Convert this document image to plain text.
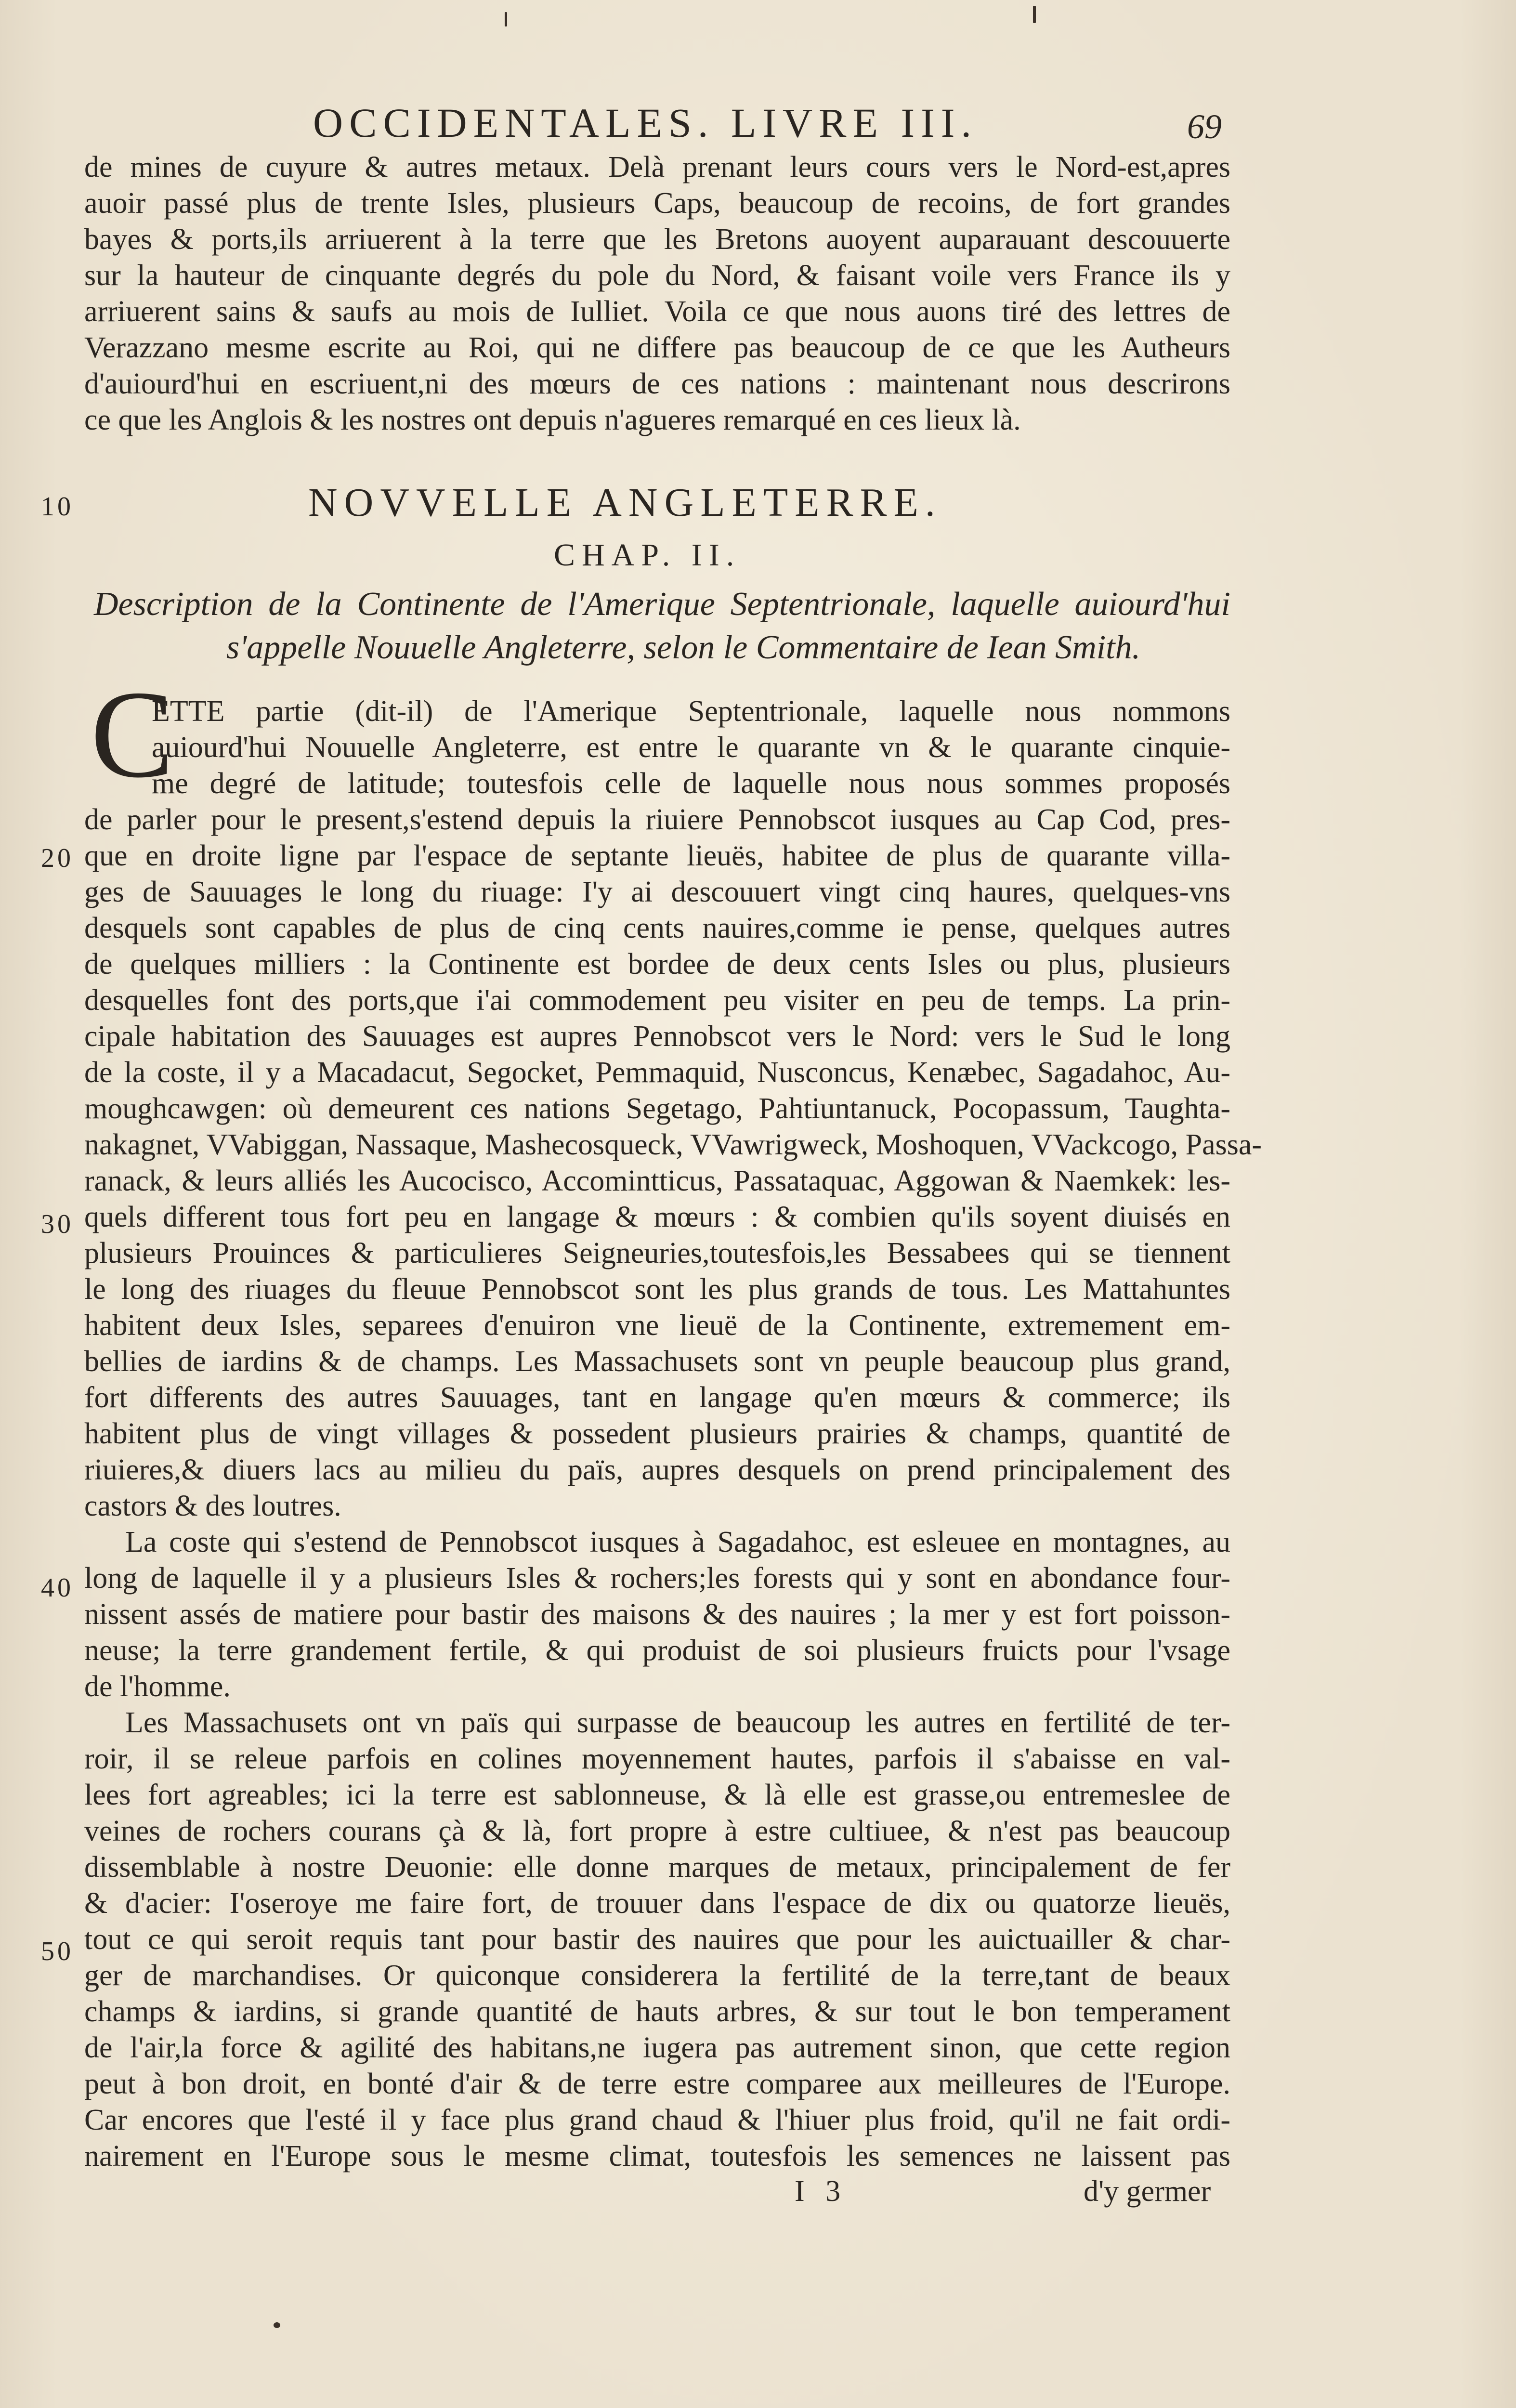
OCCIDENTALES. LIVRE III.	69
de mines de cuyure & autres metaux. Delà prenant leurs cours vers le Nord-est,apres
auoir passé plus de trente Isles, plusieurs Caps, beaucoup de recoins, de fort grandes
bayes & ports,ils arriuerent à la terre que les Bretons auoyent auparauant descouuerte
sur la hauteur de cinquante degrés du pole du Nord, & faisant voile vers France ils y
arriuerent sains & saufs au mois de Iulliet. Voila ce que nous auons tiré des lettres de
Verazzano mesme escrite au Roi, qui ne differe pas beaucoup de ce que les Autheurs
d'auiourd'hui en escriuent,ni des mœurs de ces nations : maintenant nous descrirons
ce que les Anglois & les nostres ont depuis n'agueres remarqué en ces lieux là.
NOVVELLE ANGLETERRE.
CHAP. II.
Description de la Continente de l'Amerique Septentrionale, laquelle auiourd'hui
s'appelle Nouuelle Angleterre, selon le Commentaire de Iean Smith.
C
ETTE partie (dit-il) de l'Amerique Septentrionale, laquelle nous nommons
auiourd'hui Nouuelle Angleterre, est entre le quarante vn & le quarante cinquie-
me degré de latitude; toutesfois celle de laquelle nous nous sommes proposés
de parler pour le present,s'estend depuis la riuiere Pennobscot iusques au Cap Cod, pres-
que en droite ligne par l'espace de septante lieuës, habitee de plus de quarante villa-
ges de Sauuages le long du riuage: I'y ai descouuert vingt cinq haures, quelques-vns
desquels sont capables de plus de cinq cents nauires,comme ie pense, quelques autres
de quelques milliers : la Continente est bordee de deux cents Isles ou plus, plusieurs
desquelles font des ports,que i'ai commodement peu visiter en peu de temps. La prin-
cipale habitation des Sauuages est aupres Pennobscot vers le Nord: vers le Sud le long
de la coste, il y a Macadacut, Segocket, Pemmaquid, Nusconcus, Kenæbec, Sagadahoc, Au-
moughcawgen: où demeurent ces nations Segetago, Pahtiuntanuck, Pocopassum, Taughta-
nakagnet, VVabiggan, Nassaque, Mashecosqueck, VVawrigweck, Moshoquen, VVackcogo, Passa-
ranack, & leurs alliés les Aucocisco, Accomintticus, Passataquac, Aggowan & Naemkek: les-
quels different tous fort peu en langage & mœurs : & combien qu'ils soyent diuisés en
plusieurs Prouinces & particulieres Seigneuries,toutesfois,les Bessabees qui se tiennent
le long des riuages du fleuue Pennobscot sont les plus grands de tous. Les Mattahuntes
habitent deux Isles, separees d'enuiron vne lieuë de la Continente, extremement em-
bellies de iardins & de champs. Les Massachusets sont vn peuple beaucoup plus grand,
fort differents des autres Sauuages, tant en langage qu'en mœurs & commerce; ils
habitent plus de vingt villages & possedent plusieurs prairies & champs, quantité de
riuieres,& diuers lacs au milieu du païs, aupres desquels on prend principalement des
castors & des loutres.
La coste qui s'estend de Pennobscot iusques à Sagadahoc, est esleuee en montagnes, au
long de laquelle il y a plusieurs Isles & rochers;les forests qui y sont en abondance four-
nissent assés de matiere pour bastir des maisons & des nauires ; la mer y est fort poisson-
neuse; la terre grandement fertile, & qui produist de soi plusieurs fruicts pour l'vsage
de l'homme.
Les Massachusets ont vn païs qui surpasse de beaucoup les autres en fertilité de ter-
roir, il se releue parfois en colines moyennement hautes, parfois il s'abaisse en val-
lees fort agreables; ici la terre est sablonneuse, & là elle est grasse,ou entremeslee de
veines de rochers courans çà & là, fort propre à estre cultiuee, & n'est pas beaucoup
dissemblable à nostre Deuonie: elle donne marques de metaux, principalement de fer
& d'acier: I'oseroye me faire fort, de trouuer dans l'espace de dix ou quatorze lieuës,
tout ce qui seroit requis tant pour bastir des nauires que pour les auictuailler & char-
ger de marchandises. Or quiconque considerera la fertilité de la terre,tant de beaux
champs & iardins, si grande quantité de hauts arbres, & sur tout le bon temperament
de l'air,la force & agilité des habitans,ne iugera pas autrement sinon, que cette region
peut à bon droit, en bonté d'air & de terre estre comparee aux meilleures de l'Europe.
Car encores que l'esté il y face plus grand chaud & l'hiuer plus froid, qu'il ne fait ordi-
nairement en l'Europe sous le mesme climat, toutesfois les semences ne laissent pas
10
20
30
40
50
I 3	d'y germer
